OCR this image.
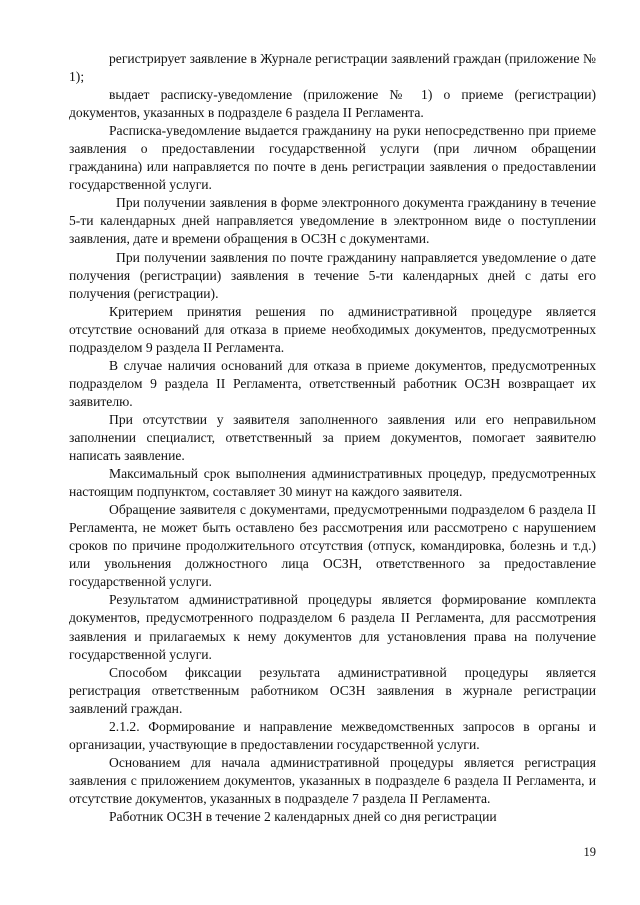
регистрирует заявление в Журнале регистрации заявлений граждан (приложение № 1);

выдает расписку-уведомление (приложение № 1) о приеме (регистрации) документов, указанных в подразделе 6 раздела II Регламента.

Расписка-уведомление выдается гражданину на руки непосредственно при приеме заявления о предоставлении государственной услуги (при личном обращении гражданина) или направляется по почте в день регистрации заявления о предоставлении государственной услуги.

При получении заявления в форме электронного документа гражданину в течение 5-ти календарных дней направляется уведомление в электронном виде о поступлении заявления, дате и времени обращения в ОСЗН с документами.

При получении заявления по почте гражданину направляется уведомление о дате получения (регистрации) заявления в течение 5-ти календарных дней с даты его получения (регистрации).

Критерием принятия решения по административной процедуре является отсутствие оснований для отказа в приеме необходимых документов, предусмотренных подразделом 9 раздела II Регламента.

В случае наличия оснований для отказа в приеме документов, предусмотренных подразделом 9 раздела II Регламента, ответственный работник ОСЗН возвращает их заявителю.

При отсутствии у заявителя заполненного заявления или его неправильном заполнении специалист, ответственный за прием документов, помогает заявителю написать заявление.

Максимальный срок выполнения административных процедур, предусмотренных настоящим подпунктом, составляет 30 минут на каждого заявителя.

Обращение заявителя с документами, предусмотренными подразделом 6 раздела II Регламента, не может быть оставлено без рассмотрения или рассмотрено с нарушением сроков по причине продолжительного отсутствия (отпуск, командировка, болезнь и т.д.) или увольнения должностного лица ОСЗН, ответственного за предоставление государственной услуги.

Результатом административной процедуры является формирование комплекта документов, предусмотренного подразделом 6 раздела II Регламента, для рассмотрения заявления и прилагаемых к нему документов для установления права на получение государственной услуги.

Способом фиксации результата административной процедуры является регистрация ответственным работником ОСЗН заявления в журнале регистрации заявлений граждан.

2.1.2. Формирование и направление межведомственных запросов в органы и организации, участвующие в предоставлении государственной услуги.

Основанием для начала административной процедуры является регистрация заявления с приложением документов, указанных в подразделе 6 раздела II Регламента, и отсутствие документов, указанных в подразделе 7 раздела II Регламента.

Работник ОСЗН в течение 2 календарных дней со дня регистрации

19
